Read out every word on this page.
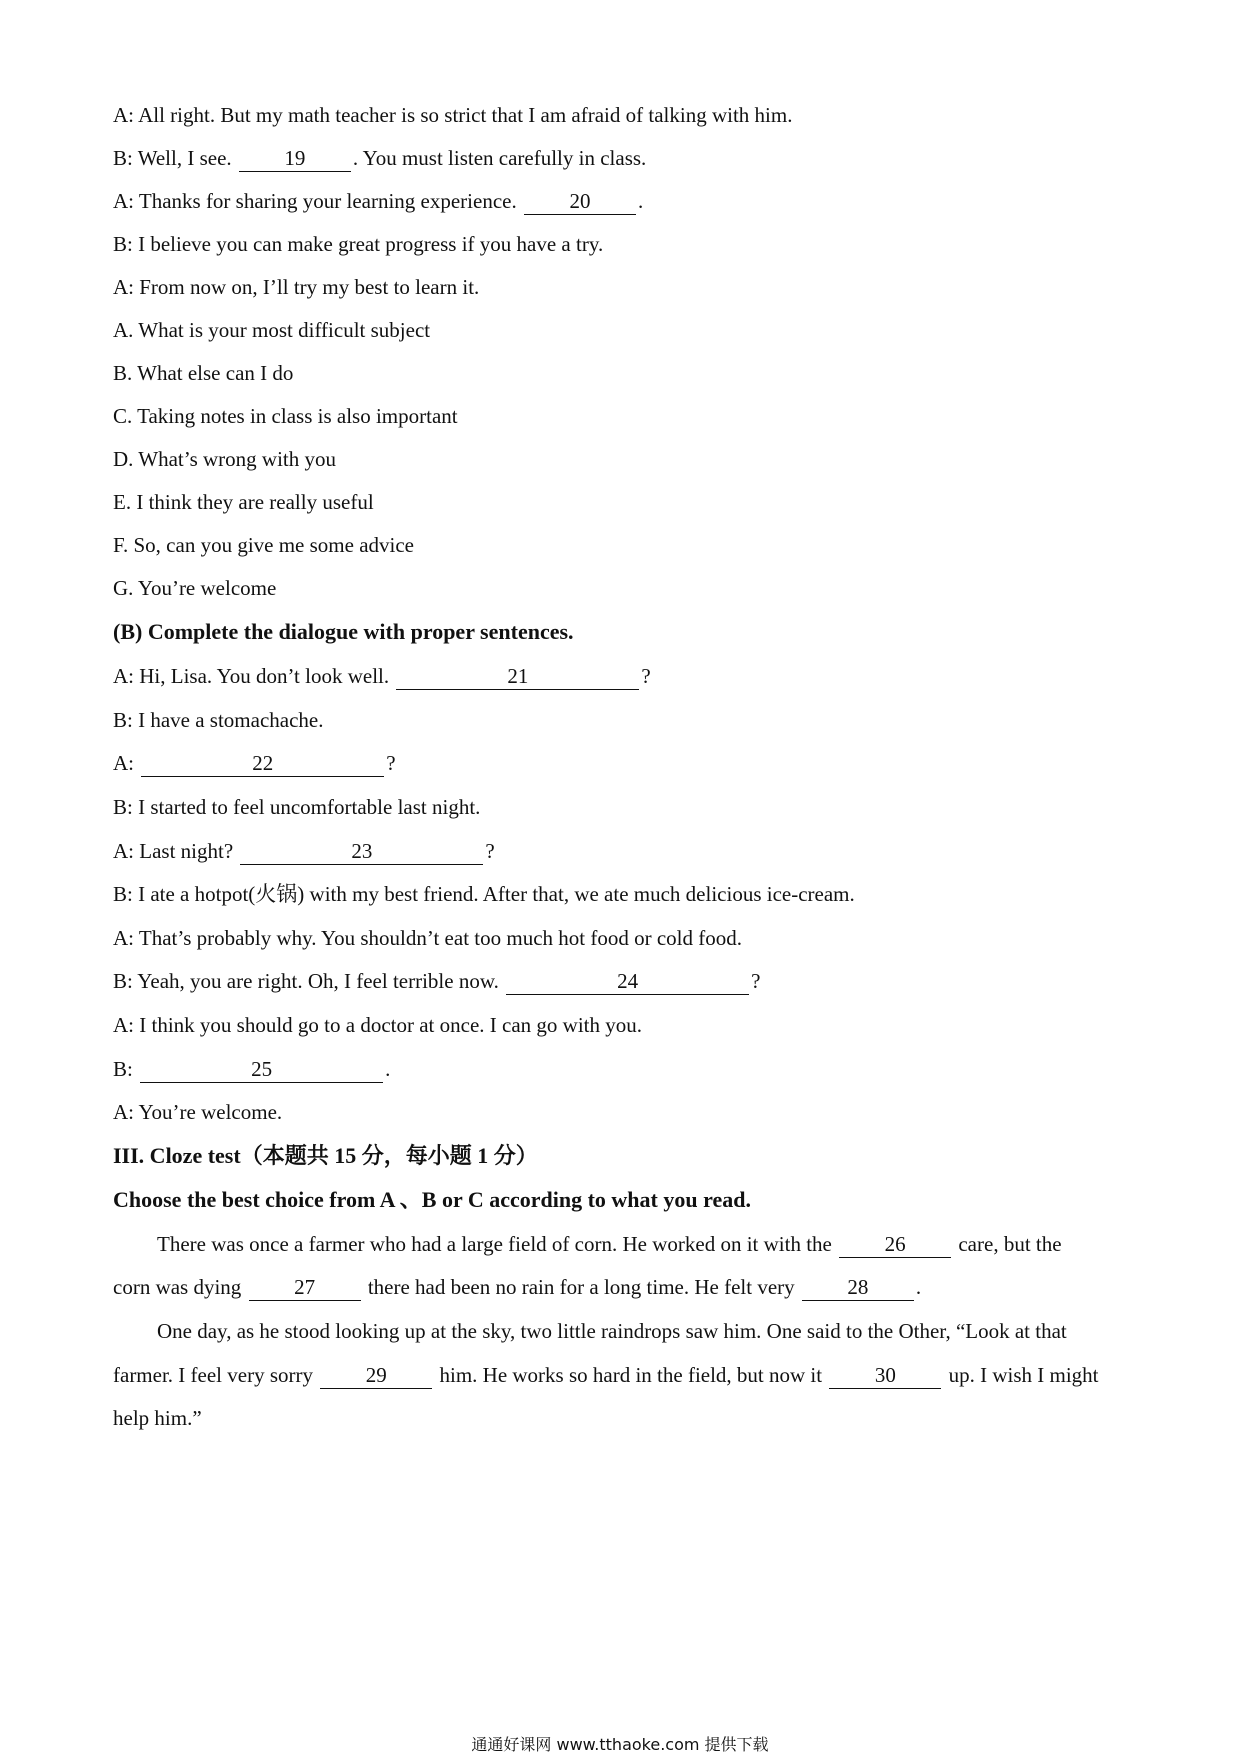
A: All right. But my math teacher is so strict that I am afraid of talking with him.
B: Well, I see. 19 . You must listen carefully in class.
A: Thanks for sharing your learning experience. 20 .
B: I believe you can make great progress if you have a try.
A: From now on, I’ll try my best to learn it.
A. What is your most difficult subject
B. What else can I do
C. Taking notes in class is also important
D. What’s wrong with you
E. I think they are really useful
F. So, can you give me some advice
G. You’re welcome
(B) Complete the dialogue with proper sentences.
A: Hi, Lisa. You don’t look well.	21	?
B: I have a stomachache.
A:	22	?
B: I started to feel uncomfortable last night.
A: Last night?	23	?
B: I ate a hotpot(火锅) with my best friend. After that, we ate much delicious ice-cream.
A: That’s probably why. You shouldn’t eat too much hot food or cold food.
B: Yeah, you are right. Oh, I feel terrible now.	24	?
A: I think you should go to a doctor at once. I can go with you.
B:	25	.
A: You’re welcome.
III. Cloze test（本题共 15 分，每小题 1 分）
Choose the best choice from A 、B or C according to what you read.
There was once a farmer who had a large field of corn. He worked on it with the 26 care, but the
corn was dying 27 there had been no rain for a long time. He felt very 28 .
One day, as he stood looking up at the sky, two little raindrops saw him. One said to the Other, “Look at that
farmer. I feel very sorry 29 him. He works so hard in the field, but now it 30 up. I wish I might
help him.”
通通好课网 www.tthaoke.com 提供下载
